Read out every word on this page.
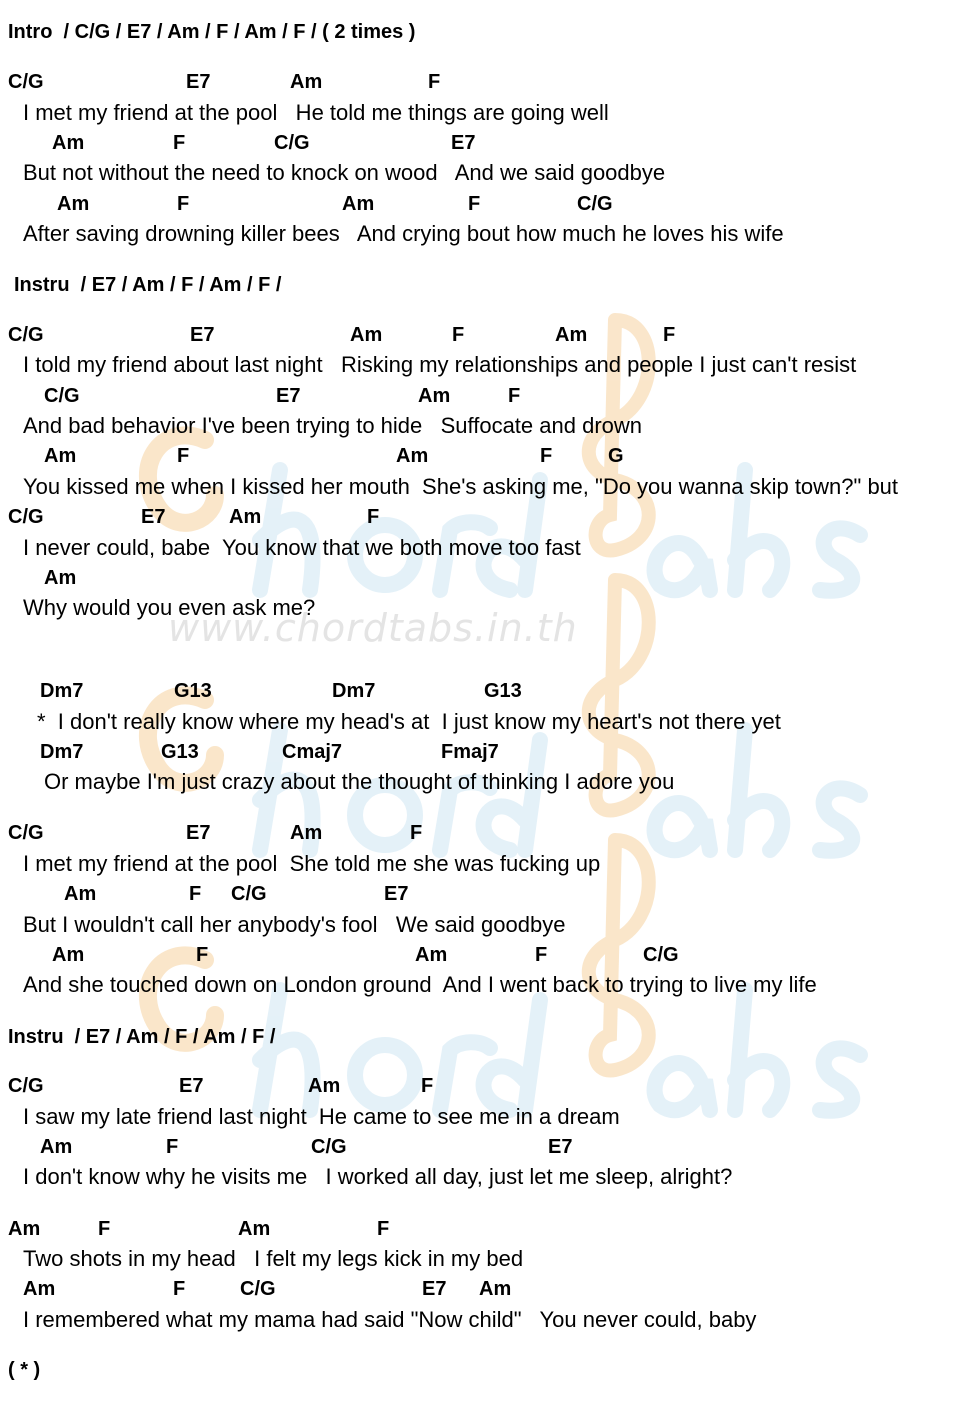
www.chordtabs.in.th
Intro  / C/G / E7 / Am / F / Am / F / ( 2 times )
C/G	E7	Am	F
I met my friend at the pool   He told me things are going well
Am	F	C/G	E7
But not without the need to knock on wood   And we said goodbye
Am	F	Am	F	C/G
After saving drowning killer bees   And crying bout how much he loves his wife
Instru  / E7 / Am / F / Am / F /
C/G	E7	Am	F	Am	F
I told my friend about last night   Risking my relationships and people I just can't resist
C/G	E7	Am	F
And bad behavior I've been trying to hide   Suffocate and drown
Am	F	Am	F	G
You kissed me when I kissed her mouth  She's asking me, "Do you wanna skip town?" but
C/G	E7	Am	F
I never could, babe  You know that we both move too fast
Am
Why would you even ask me?
Dm7	G13	Dm7	G13
*  I don't really know where my head's at  I just know my heart's not there yet
Dm7	G13	Cmaj7	Fmaj7
Or maybe I'm just crazy about the thought of thinking I adore you
C/G	E7	Am	F
I met my friend at the pool  She told me she was fucking up
Am	F C/G	E7
But I wouldn't call her anybody's fool   We said goodbye
Am	F	Am	F	C/G
And she touched down on London ground  And I went back to trying to live my life
Instru  / E7 / Am / F / Am / F /
C/G	E7	Am	F
I saw my late friend last night  He came to see me in a dream
Am	F	C/G	E7
I don't know why he visits me   I worked all day, just let me sleep, alright?
Am	F	Am	F
Two shots in my head   I felt my legs kick in my bed
Am	F	C/G	E7 Am
I remembered what my mama had said "Now child"   You never could, baby
( * )
